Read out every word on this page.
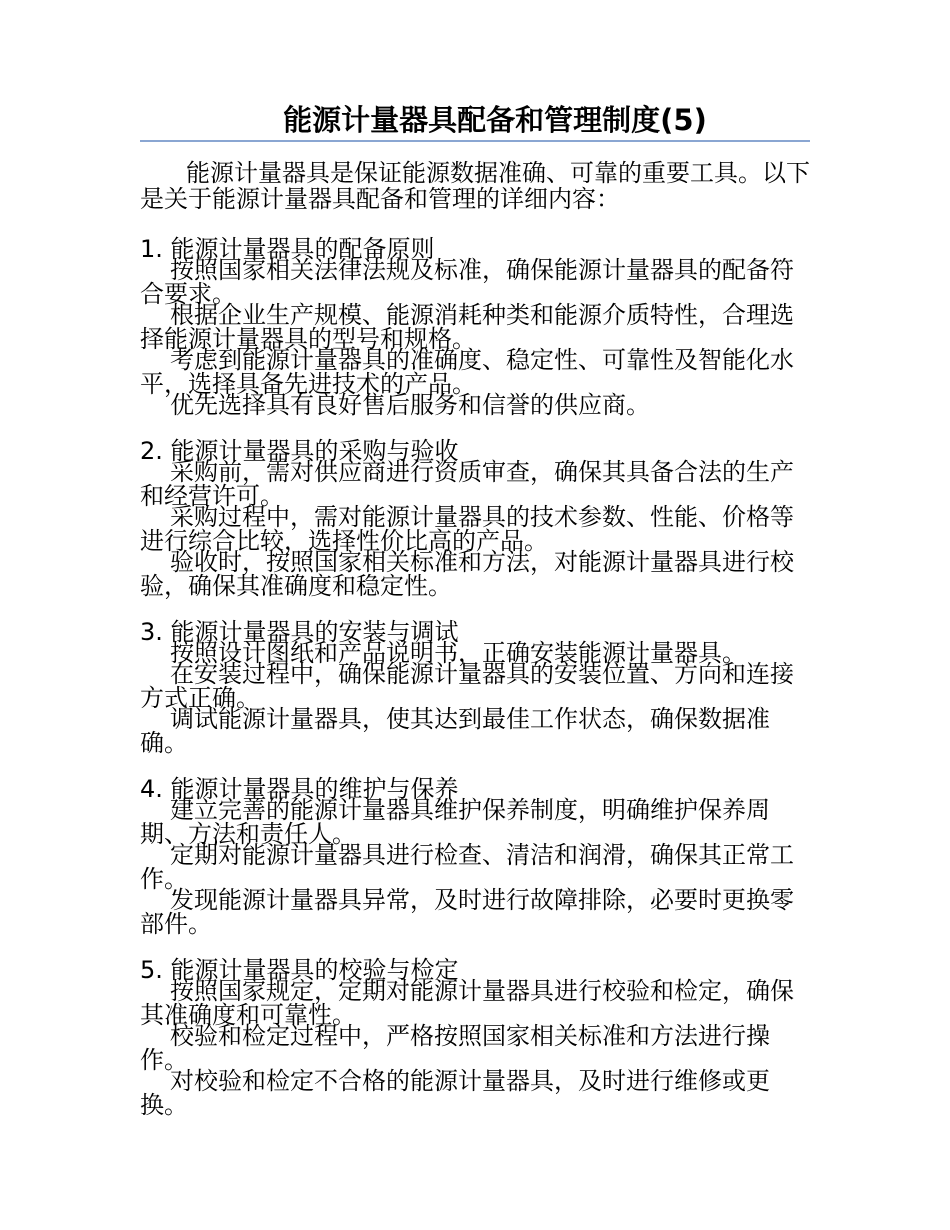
能源计量器具配备和管理制度(5)
能源计量器具是保证能源数据准确、可靠的重要工具。以下是关于能源计量器具配备和管理的详细内容：
1. 能源计量器具的配备原则
按照国家相关法律法规及标准，确保能源计量器具的配备符合要求。
根据企业生产规模、能源消耗种类和能源介质特性，合理选择能源计量器具的型号和规格。
考虑到能源计量器具的准确度、稳定性、可靠性及智能化水平，选择具备先进技术的产品。
优先选择具有良好售后服务和信誉的供应商。
2. 能源计量器具的采购与验收
采购前，需对供应商进行资质审查，确保其具备合法的生产和经营许可。
采购过程中，需对能源计量器具的技术参数、性能、价格等进行综合比较，选择性价比高的产品。
验收时，按照国家相关标准和方法，对能源计量器具进行校验，确保其准确度和稳定性。
3. 能源计量器具的安装与调试
按照设计图纸和产品说明书，正确安装能源计量器具。
在安装过程中，确保能源计量器具的安装位置、方向和连接方式正确。
调试能源计量器具，使其达到最佳工作状态，确保数据准确。
4. 能源计量器具的维护与保养
建立完善的能源计量器具维护保养制度，明确维护保养周期、方法和责任人。
定期对能源计量器具进行检查、清洁和润滑，确保其正常工作。
发现能源计量器具异常，及时进行故障排除，必要时更换零部件。
5. 能源计量器具的校验与检定
按照国家规定，定期对能源计量器具进行校验和检定，确保其准确度和可靠性。
校验和检定过程中，严格按照国家相关标准和方法进行操作。
对校验和检定不合格的能源计量器具，及时进行维修或更换。
